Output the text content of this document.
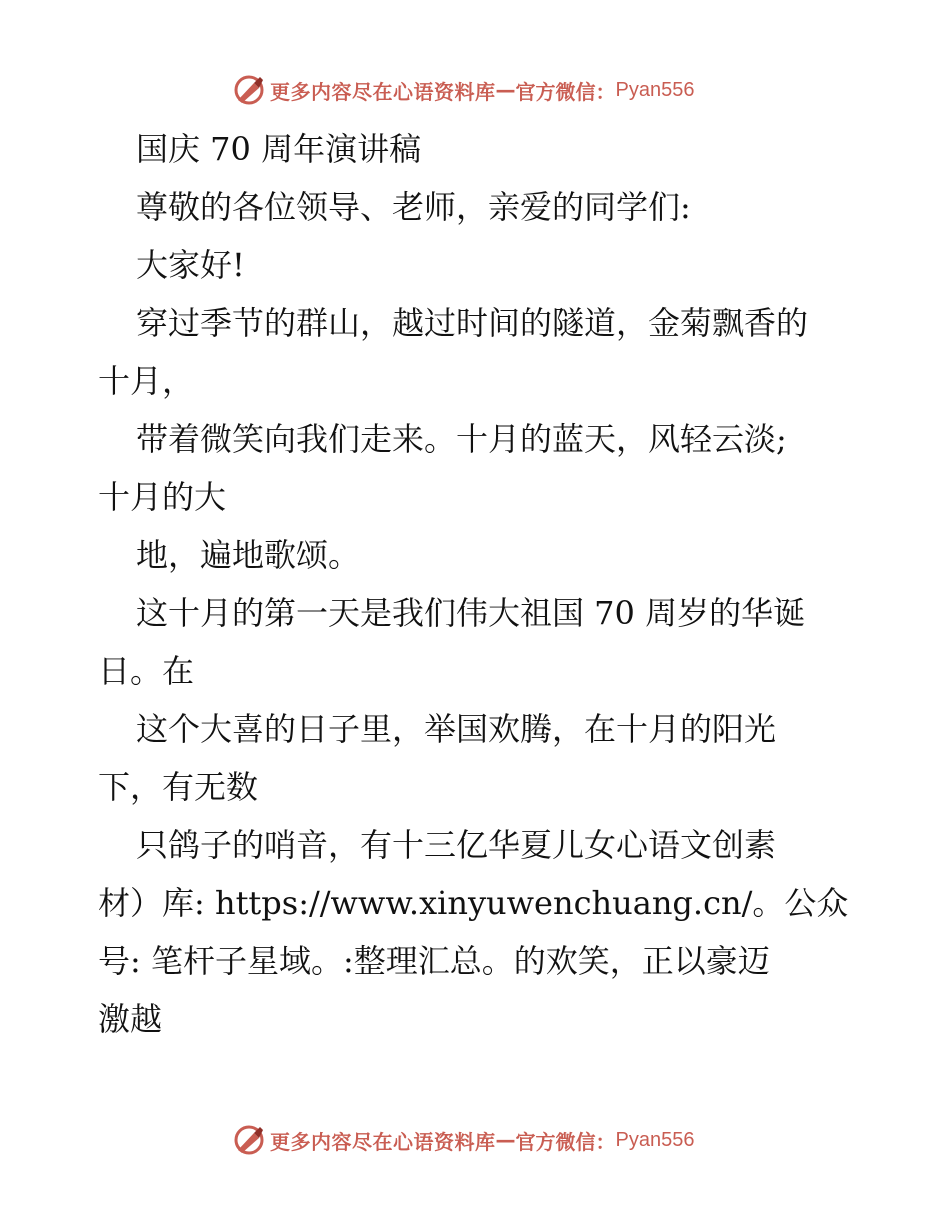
更多内容尽在心语资料库 — 官方微信： Pyan556
国庆 70 周年演讲稿
尊敬的各位领导、老师，亲爱的同学们:
大家好!
穿过季节的群山，越过时间的隧道，金菊飘香的
十月，
带着微笑向我们走来。十月的蓝天，风轻云淡;
十月的大
地，遍地歌颂。
这十月的第一天是我们伟大祖国 70 周岁的华诞
日。在
这个大喜的日子里，举国欢腾，在十月的阳光
下，有无数
只鸽子的哨音，有十三亿华夏儿女心语文创素
材）库: https://www.xinyuwenchuang.cn/。公众
号: 笔杆子星域。:整理汇总。的欢笑，正以豪迈
激越
更多内容尽在心语资料库 — 官方微信： Pyan556
